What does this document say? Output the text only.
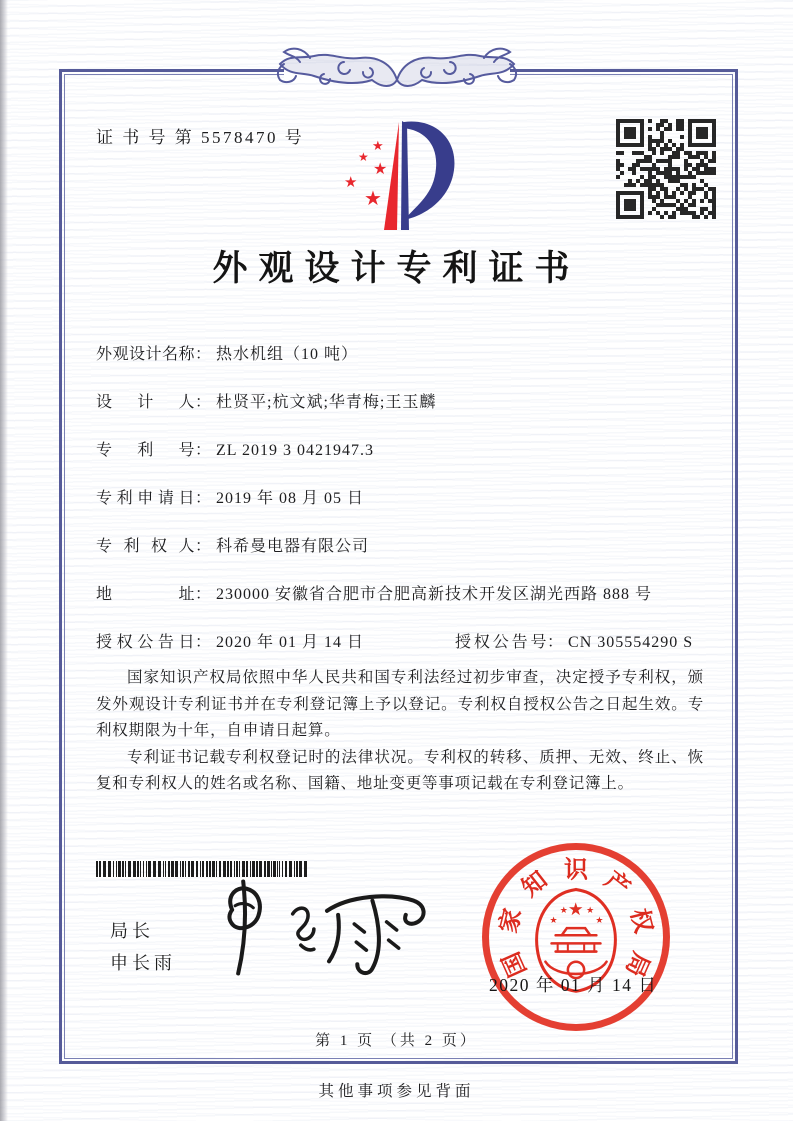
证 书 号 第 5578470 号	★
★
★
★
★
外观设计专利证书
外观设计名称： 热水机组（10 吨）
设计人： 杜贤平;杭文斌;华青梅;王玉麟
专利号： ZL 2019 3 0421947.3
专利申请日： 2019 年 08 月 05 日
专利权人： 科希曼电器有限公司
地址： 230000 安徽省合肥市合肥高新技术开发区湖光西路 888 号
授权公告日： 2020 年 01 月 14 日	授权公告号： CN 305554290 S

国家知识产权局依照中华人民共和国专利法经过初步审查，决定授予专利权，颁发外观设计专利证书并在专利登记簿上予以登记。专利权自授权公告之日起生效。专利权期限为十年，自申请日起算。

专利证书记载专利权登记时的法律状况。专利权的转移、质押、无效、终止、恢复和专利权人的姓名或名称、国籍、地址变更等事项记载在专利登记簿上。

局长
申长雨	国
家
知 识 产
权
局
★
★
★ ★
★
2020 年 01 月 14 日
第 1 页 （共 2 页）
其他事项参见背面
